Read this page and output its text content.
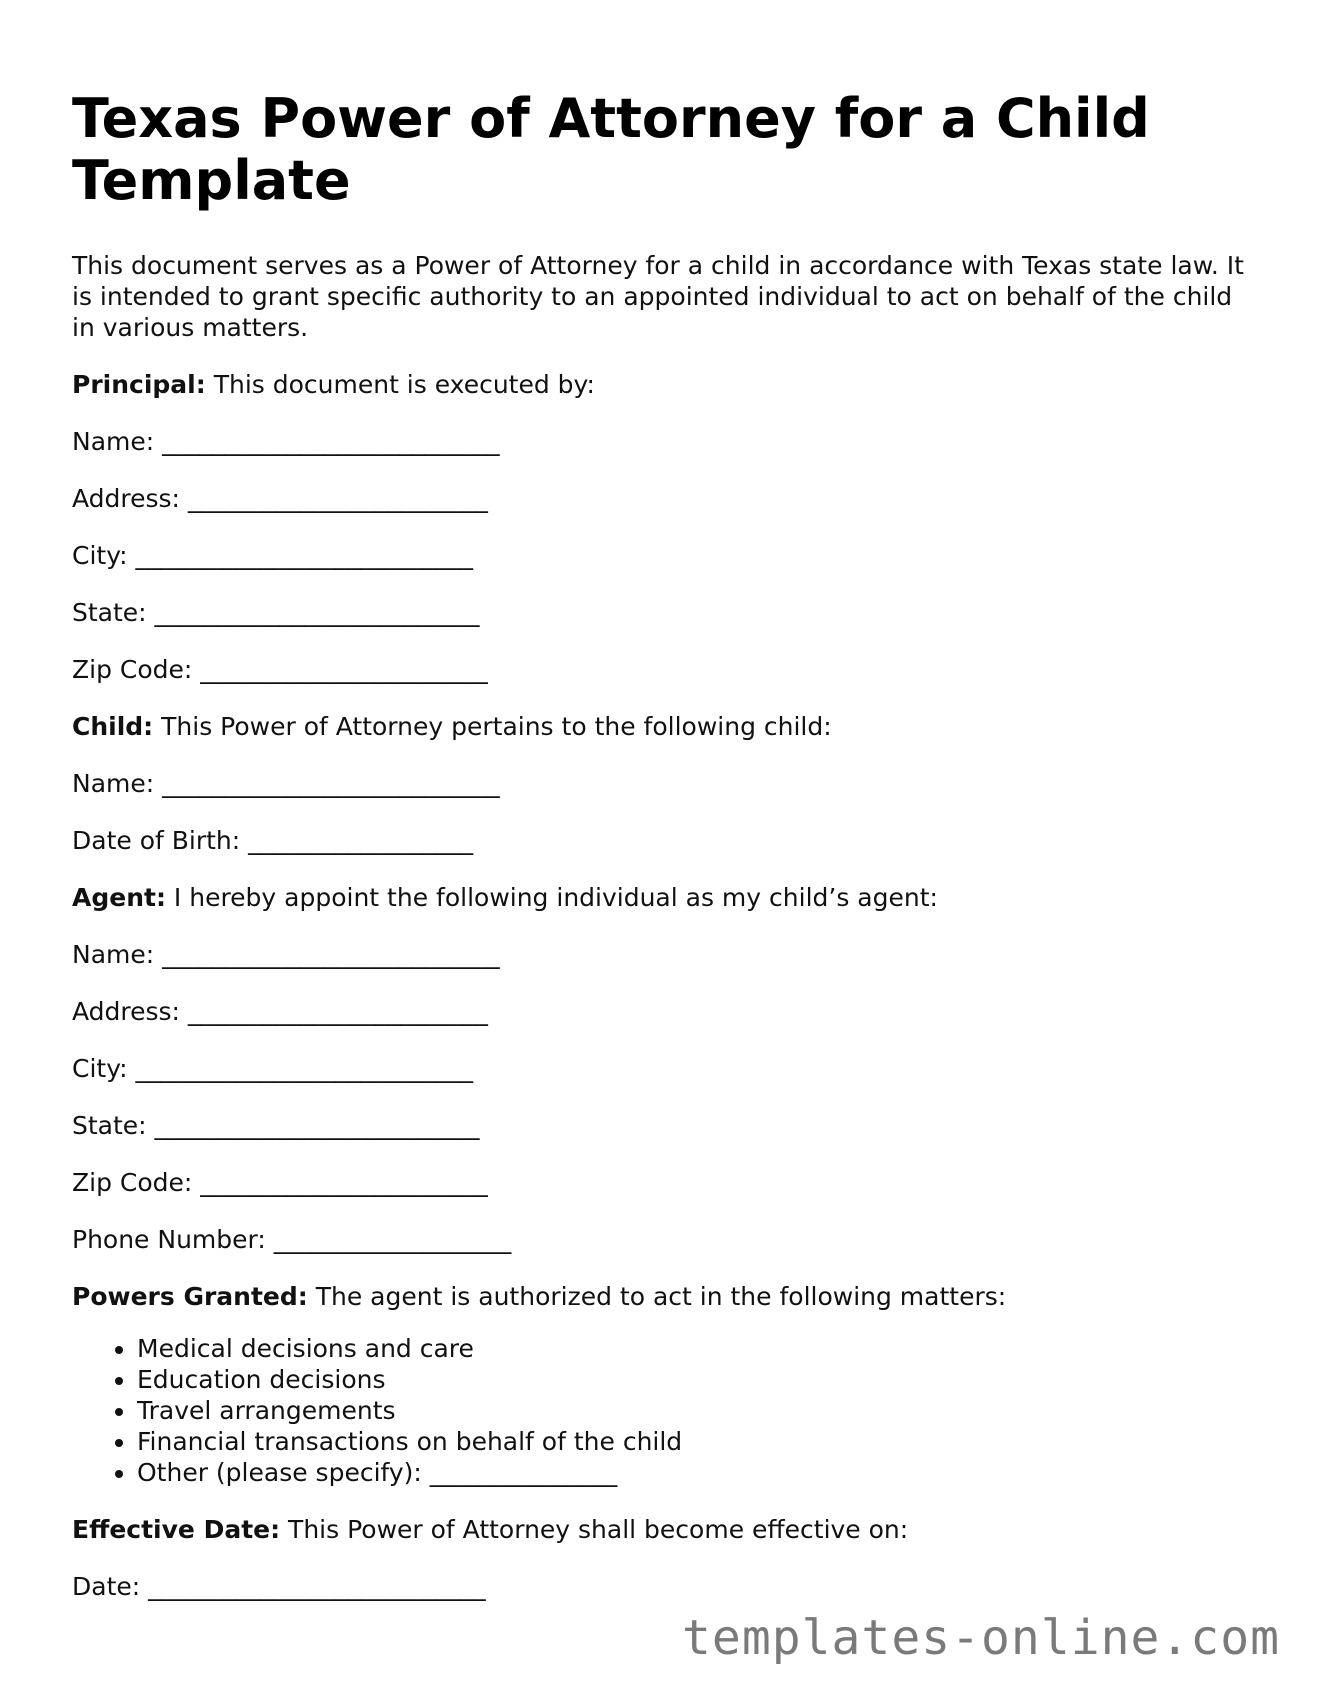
Texas Power of Attorney for a Child Template

This document serves as a Power of Attorney for a child in accordance with Texas state law. It is intended to grant specific authority to an appointed individual to act on behalf of the child in various matters.

Principal: This document is executed by:

Name: ___________________________

Address: ________________________

City: ___________________________

State: __________________________

Zip Code: _______________________

Child: This Power of Attorney pertains to the following child:

Name: ___________________________

Date of Birth: __________________

Agent: I hereby appoint the following individual as my child’s agent:

Name: ___________________________

Address: ________________________

City: ___________________________

State: __________________________

Zip Code: _______________________

Phone Number: ___________________

Powers Granted: The agent is authorized to act in the following matters:

• Medical decisions and care
• Education decisions
• Travel arrangements
• Financial transactions on behalf of the child
• Other (please specify): _______________

Effective Date: This Power of Attorney shall become effective on:

Date: ___________________________

templates-online.com
